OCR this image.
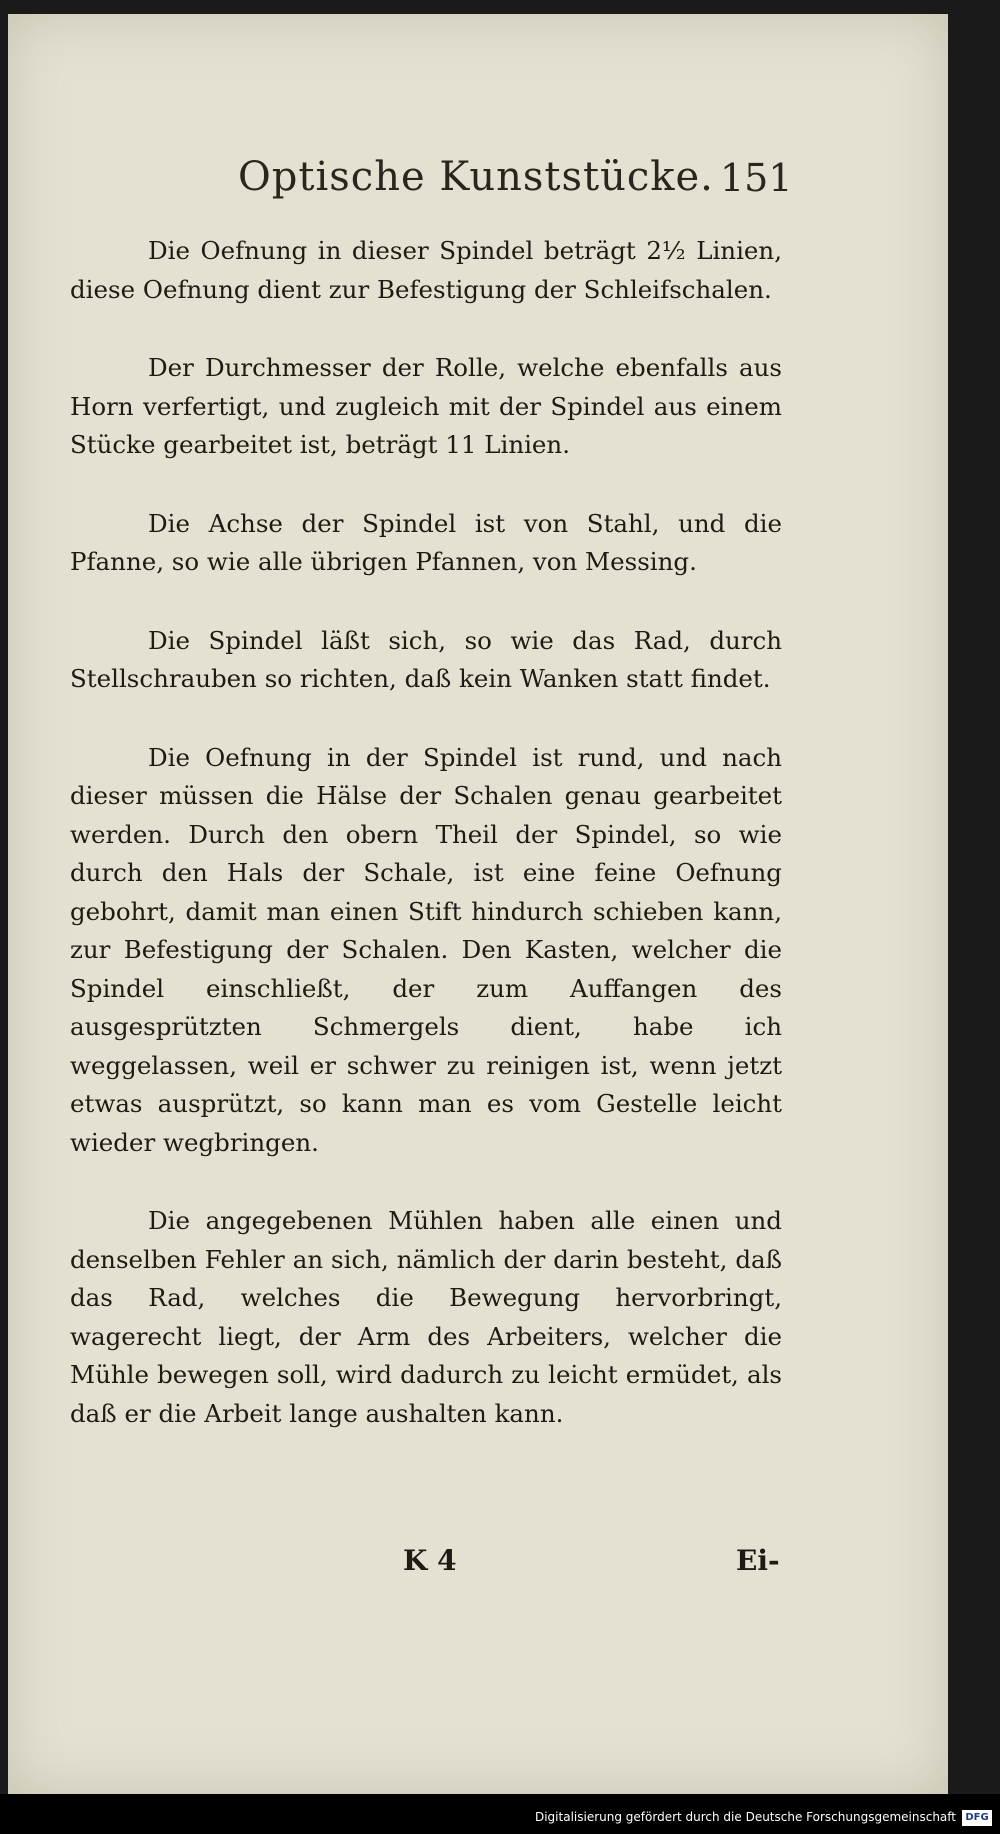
Optische Kunststücke. 151

Die Oefnung in dieser Spindel beträgt 2½ Linien, diese Oefnung dient zur Befestigung der Schleifschalen.

Der Durchmesser der Rolle, welche ebenfalls aus Horn verfertigt, und zugleich mit der Spindel aus einem Stücke gearbeitet ist, beträgt 11 Linien.

Die Achse der Spindel ist von Stahl, und die Pfanne, so wie alle übrigen Pfannen, von Messing.

Die Spindel läßt sich, so wie das Rad, durch Stellschrauben so richten, daß kein Wanken statt findet.

Die Oefnung in der Spindel ist rund, und nach dieser müssen die Hälse der Schalen genau gearbeitet werden. Durch den obern Theil der Spindel, so wie durch den Hals der Schale, ist eine feine Oefnung gebohrt, damit man einen Stift hindurch schieben kann, zur Befestigung der Schalen. Den Kasten, welcher die Spindel einschließt, der zum Auffangen des ausgesprützten Schmergels dient, habe ich weggelassen, weil er schwer zu reinigen ist, wenn jetzt etwas ausprützt, so kann man es vom Gestelle leicht wieder wegbringen.

Die angegebenen Mühlen haben alle einen und denselben Fehler an sich, nämlich der darin besteht, daß das Rad, welches die Bewegung hervorbringt, wagerecht liegt, der Arm des Arbeiters, welcher die Mühle bewegen soll, wird dadurch zu leicht ermüdet, als daß er die Arbeit lange aushalten kann.

K 4	Ei-
Digitalisierung gefördert durch die Deutsche Forschungsgemeinschaft DFG
